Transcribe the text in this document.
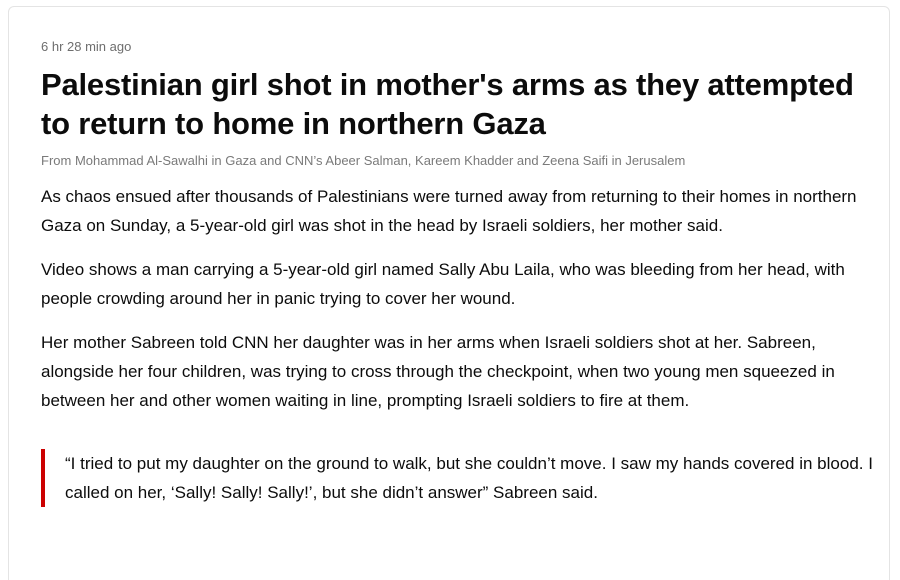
6 hr 28 min ago

Palestinian girl shot in mother's arms as they attempted to return to home in northern Gaza

From Mohammad Al-Sawalhi in Gaza and CNN’s Abeer Salman, Kareem Khadder and Zeena Saifi in Jerusalem

As chaos ensued after thousands of Palestinians were turned away from returning to their homes in northern Gaza on Sunday, a 5-year-old girl was shot in the head by Israeli soldiers, her mother said.

Video shows a man carrying a 5-year-old girl named Sally Abu Laila, who was bleeding from her head, with people crowding around her in panic trying to cover her wound.

Her mother Sabreen told CNN her daughter was in her arms when Israeli soldiers shot at her. Sabreen, alongside her four children, was trying to cross through the checkpoint, when two young men squeezed in between her and other women waiting in line, prompting Israeli soldiers to fire at them.

“I tried to put my daughter on the ground to walk, but she couldn’t move. I saw my hands covered in blood. I called on her, ‘Sally! Sally! Sally!’, but she didn’t answer” Sabreen said.
